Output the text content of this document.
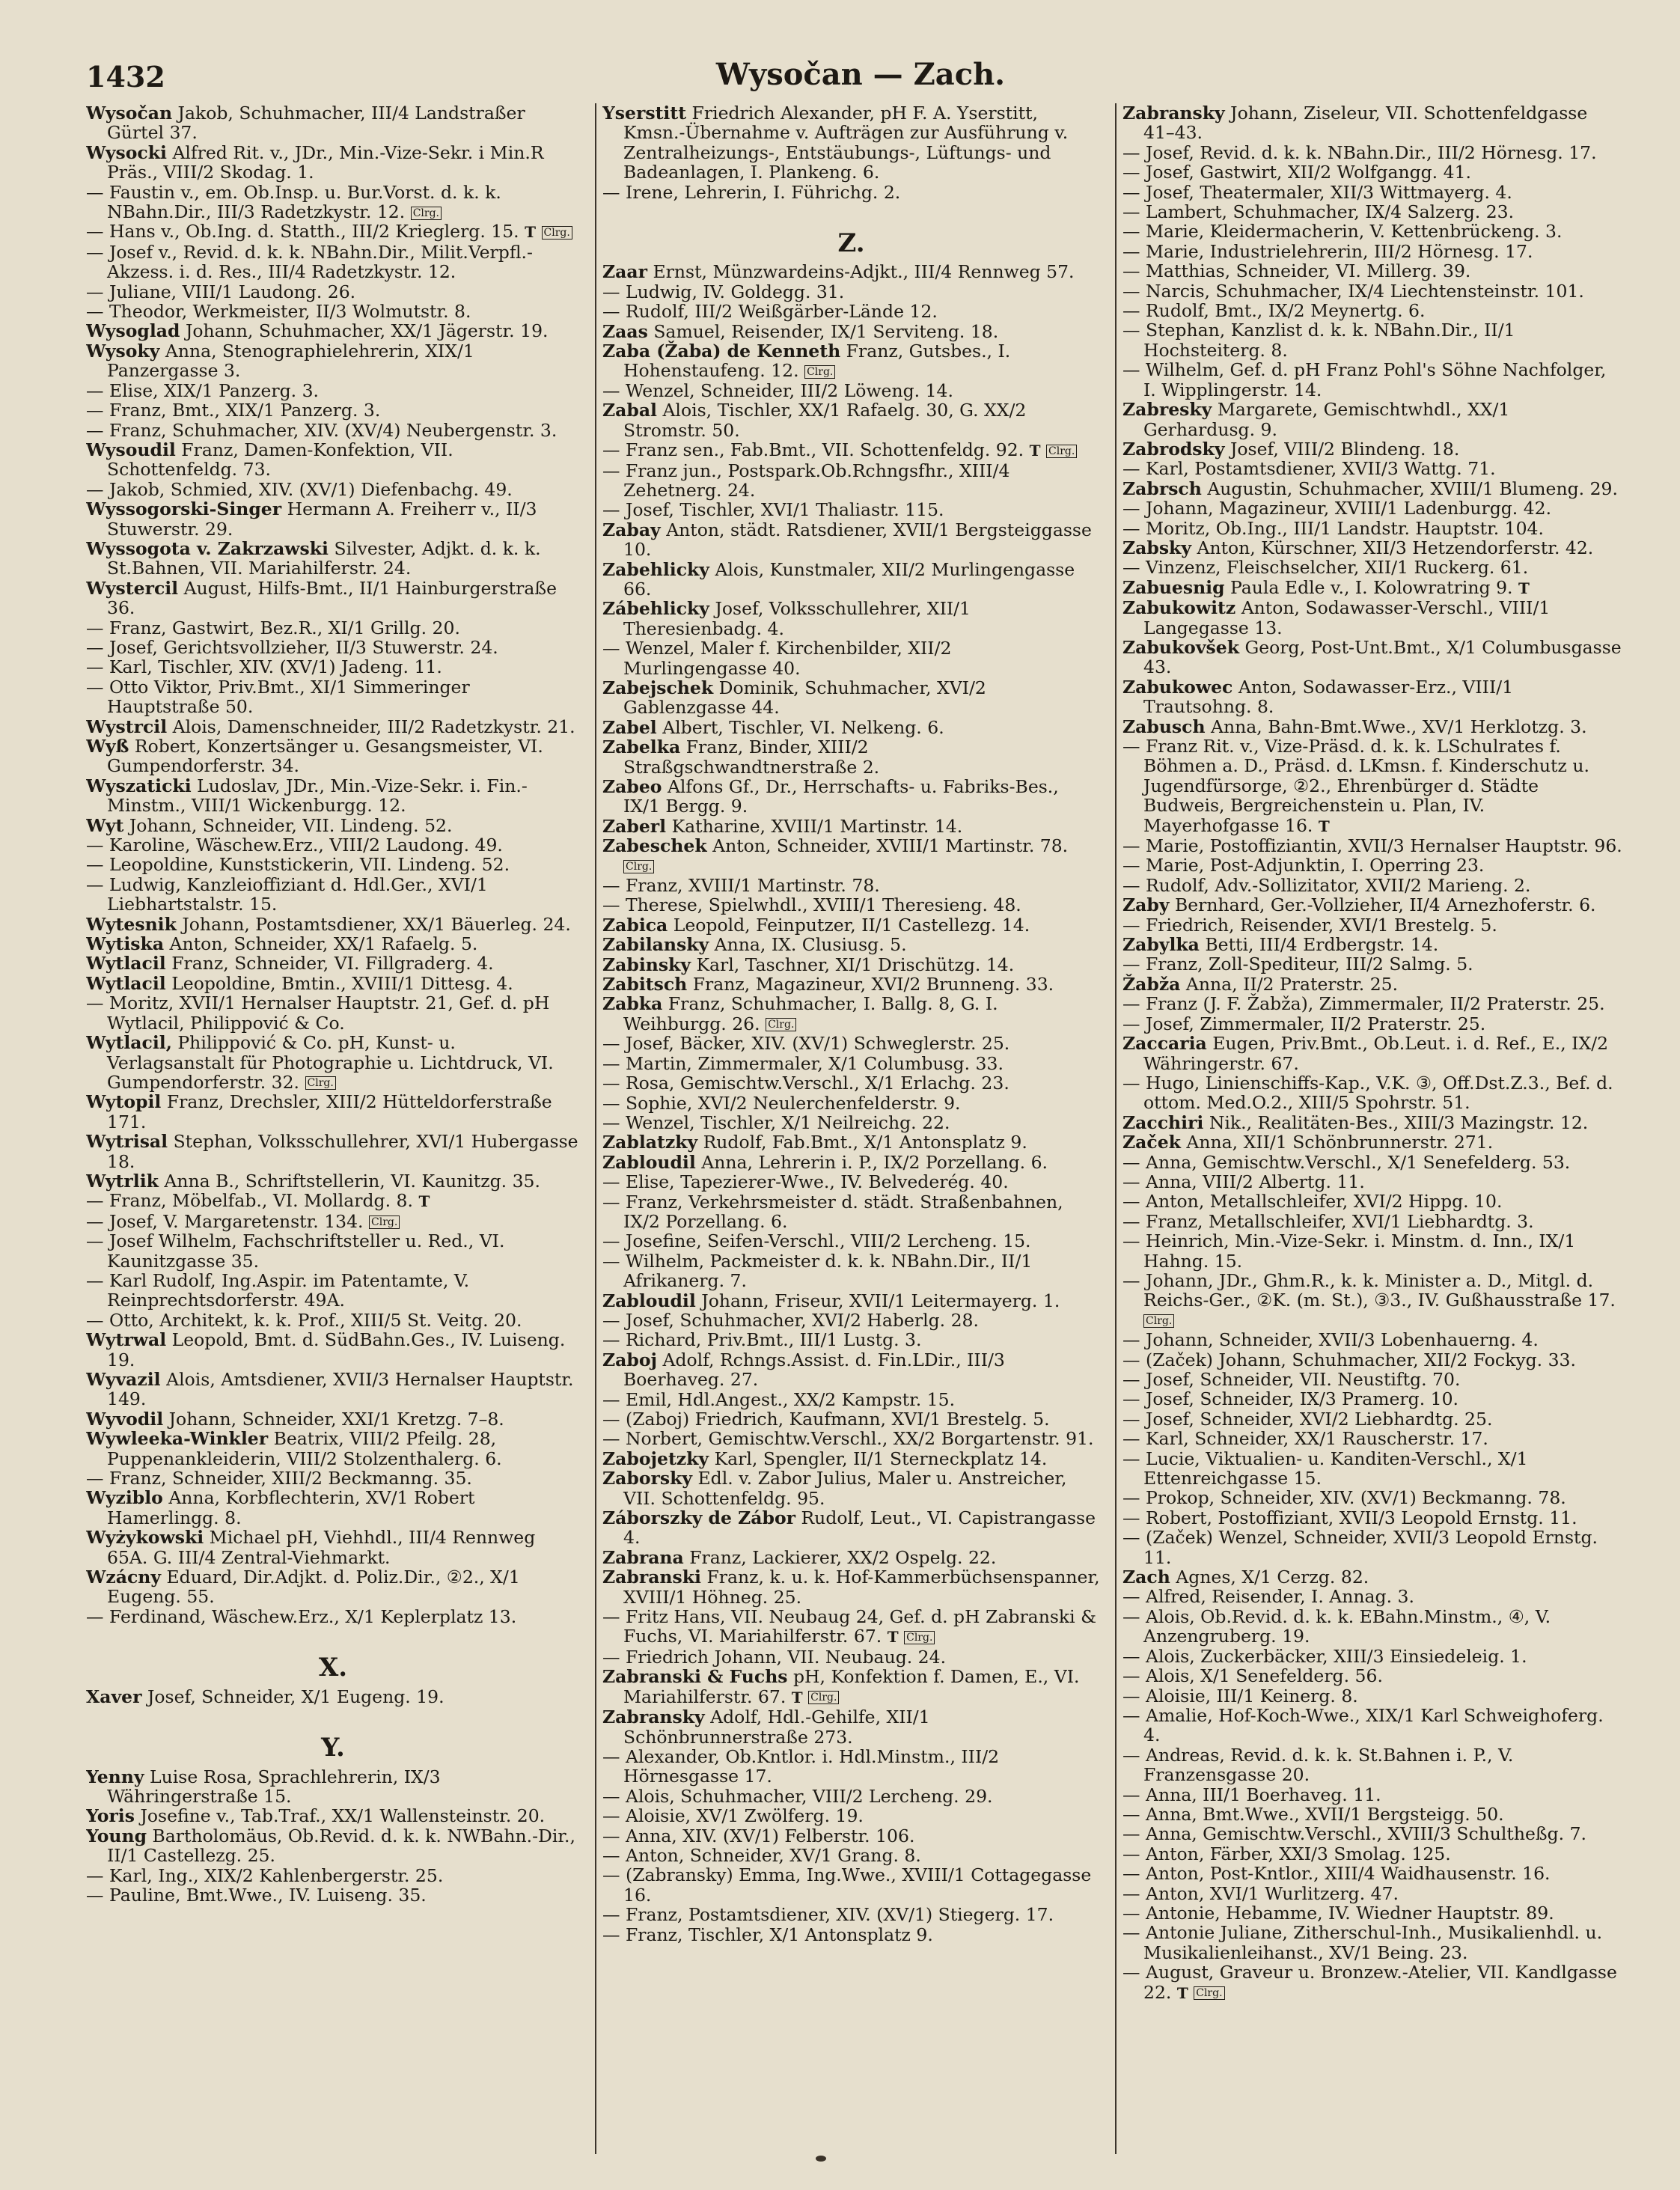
1432	Wysočan — Zach.

Wysočan Jakob, Schuhmacher, III/4 Landstraßer Gürtel 37.

Wysocki Alfred Rit. v., JDr., Min.-Vize-Sekr. i Min.R Präs., VIII/2 Skodag. 1.

— Faustin v., em. Ob.Insp. u. Bur.Vorst. d. k. k. NBahn.Dir., III/3 Radetzkystr. 12. Clrg.

— Hans v., Ob.Ing. d. Statth., III/2 Krieglerg. 15. T Clrg.

— Josef v., Revid. d. k. k. NBahn.Dir., Milit.Verpfl.-Akzess. i. d. Res., III/4 Radetzkystr. 12.

— Juliane, VIII/1 Laudong. 26.

— Theodor, Werkmeister, II/3 Wolmutstr. 8.

Wysoglad Johann, Schuhmacher, XX/1 Jägerstr. 19.

Wysoky Anna, Stenographielehrerin, XIX/1 Panzergasse 3.

— Elise, XIX/1 Panzerg. 3.

— Franz, Bmt., XIX/1 Panzerg. 3.

— Franz, Schuhmacher, XIV. (XV/4) Neubergenstr. 3.

Wysoudil Franz, Damen-Konfektion, VII. Schottenfeldg. 73.

— Jakob, Schmied, XIV. (XV/1) Diefenbachg. 49.

Wyssogorski-Singer Hermann A. Freiherr v., II/3 Stuwerstr. 29.

Wyssogota v. Zakrzawski Silvester, Adjkt. d. k. k. St.Bahnen, VII. Mariahilferstr. 24.

Wystercil August, Hilfs-Bmt., II/1 Hainburgerstraße 36.

— Franz, Gastwirt, Bez.R., XI/1 Grillg. 20.

— Josef, Gerichtsvollzieher, II/3 Stuwerstr. 24.

— Karl, Tischler, XIV. (XV/1) Jadeng. 11.

— Otto Viktor, Priv.Bmt., XI/1 Simmeringer Hauptstraße 50.

Wystrcil Alois, Damenschneider, III/2 Radetzkystr. 21.

Wyß Robert, Konzertsänger u. Gesangsmeister, VI. Gumpendorferstr. 34.

Wyszaticki Ludoslav, JDr., Min.-Vize-Sekr. i. Fin.-Minstm., VIII/1 Wickenburgg. 12.

Wyt Johann, Schneider, VII. Lindeng. 52.

— Karoline, Wäschew.Erz., VIII/2 Laudong. 49.

— Leopoldine, Kunststickerin, VII. Lindeng. 52.

— Ludwig, Kanzleioffiziant d. Hdl.Ger., XVI/1 Liebhartstalstr. 15.

Wytesnik Johann, Postamtsdiener, XX/1 Bäuerleg. 24.

Wytiska Anton, Schneider, XX/1 Rafaelg. 5.

Wytlacil Franz, Schneider, VI. Fillgraderg. 4.

Wytlacil Leopoldine, Bmtin., XVIII/1 Dittesg. 4.

— Moritz, XVII/1 Hernalser Hauptstr. 21, Gef. d. pH Wytlacil, Philippović & Co.

Wytlacil, Philippović & Co. pH, Kunst- u. Verlagsanstalt für Photographie u. Lichtdruck, VI. Gumpendorferstr. 32. Clrg.

Wytopil Franz, Drechsler, XIII/2 Hütteldorferstraße 171.

Wytrisal Stephan, Volksschullehrer, XVI/1 Hubergasse 18.

Wytrlik Anna B., Schriftstellerin, VI. Kaunitzg. 35.

— Franz, Möbelfab., VI. Mollardg. 8. T

— Josef, V. Margaretenstr. 134. Clrg.

— Josef Wilhelm, Fachschriftsteller u. Red., VI. Kaunitzgasse 35.

— Karl Rudolf, Ing.Aspir. im Patentamte, V. Reinprechtsdorferstr. 49A.

— Otto, Architekt, k. k. Prof., XIII/5 St. Veitg. 20.

Wytrwal Leopold, Bmt. d. SüdBahn.Ges., IV. Luiseng. 19.

Wyvazil Alois, Amtsdiener, XVII/3 Hernalser Hauptstr. 149.

Wyvodil Johann, Schneider, XXI/1 Kretzg. 7–8.

Wywleeka-Winkler Beatrix, VIII/2 Pfeilg. 28, Puppenankleiderin, VIII/2 Stolzenthalerg. 6.

— Franz, Schneider, XIII/2 Beckmanng. 35.

Wyziblo Anna, Korbflechterin, XV/1 Robert Hamerlingg. 8.

Wyżykowski Michael pH, Viehhdl., III/4 Rennweg 65A. G. III/4 Zentral-Viehmarkt.

Wzácny Eduard, Dir.Adjkt. d. Poliz.Dir., ②2., X/1 Eugeng. 55.

— Ferdinand, Wäschew.Erz., X/1 Keplerplatz 13.

X.

Xaver Josef, Schneider, X/1 Eugeng. 19.

Y.

Yenny Luise Rosa, Sprachlehrerin, IX/3 Währingerstraße 15.

Yoris Josefine v., Tab.Traf., XX/1 Wallensteinstr. 20.

Young Bartholomäus, Ob.Revid. d. k. k. NWBahn.-Dir., II/1 Castellezg. 25.

— Karl, Ing., XIX/2 Kahlenbergerstr. 25.

— Pauline, Bmt.Wwe., IV. Luiseng. 35.

Yserstitt Friedrich Alexander, pH F. A. Yserstitt, Kmsn.-Übernahme v. Aufträgen zur Ausführung v. Zentralheizungs-, Entstäubungs-, Lüftungs- und Badeanlagen, I. Plankeng. 6.

— Irene, Lehrerin, I. Führichg. 2.

Z.

Zaar Ernst, Münzwardeins-Adjkt., III/4 Rennweg 57.

— Ludwig, IV. Goldegg. 31.

— Rudolf, III/2 Weißgärber-Lände 12.

Zaas Samuel, Reisender, IX/1 Serviteng. 18.

Zaba (Žaba) de Kenneth Franz, Gutsbes., I. Hohenstaufeng. 12. Clrg.

— Wenzel, Schneider, III/2 Löweng. 14.

Zabal Alois, Tischler, XX/1 Rafaelg. 30, G. XX/2 Stromstr. 50.

— Franz sen., Fab.Bmt., VII. Schottenfeldg. 92. T Clrg.

— Franz jun., Postspark.Ob.Rchngsfhr., XIII/4 Zehetnerg. 24.

— Josef, Tischler, XVI/1 Thaliastr. 115.

Zabay Anton, städt. Ratsdiener, XVII/1 Bergsteiggasse 10.

Zabehlicky Alois, Kunstmaler, XII/2 Murlingengasse 66.

Zábehlicky Josef, Volksschullehrer, XII/1 Theresienbadg. 4.

— Wenzel, Maler f. Kirchenbilder, XII/2 Murlingengasse 40.

Zabejschek Dominik, Schuhmacher, XVI/2 Gablenzgasse 44.

Zabel Albert, Tischler, VI. Nelkeng. 6.

Zabelka Franz, Binder, XIII/2 Straßgschwandtnerstraße 2.

Zabeo Alfons Gf., Dr., Herrschafts- u. Fabriks-Bes., IX/1 Bergg. 9.

Zaberl Katharine, XVIII/1 Martinstr. 14.

Zabeschek Anton, Schneider, XVIII/1 Martinstr. 78. Clrg.

— Franz, XVIII/1 Martinstr. 78.

— Therese, Spielwhdl., XVIII/1 Theresieng. 48.

Zabica Leopold, Feinputzer, II/1 Castellezg. 14.

Zabilansky Anna, IX. Clusiusg. 5.

Zabinsky Karl, Taschner, XI/1 Drischützg. 14.

Zabitsch Franz, Magazineur, XVI/2 Brunneng. 33.

Zabka Franz, Schuhmacher, I. Ballg. 8, G. I. Weihburgg. 26. Clrg.

— Josef, Bäcker, XIV. (XV/1) Schweglerstr. 25.

— Martin, Zimmermaler, X/1 Columbusg. 33.

— Rosa, Gemischtw.Verschl., X/1 Erlachg. 23.

— Sophie, XVI/2 Neulerchenfelderstr. 9.

— Wenzel, Tischler, X/1 Neilreichg. 22.

Zablatzky Rudolf, Fab.Bmt., X/1 Antonsplatz 9.

Zabloudil Anna, Lehrerin i. P., IX/2 Porzellang. 6.

— Elise, Tapezierer-Wwe., IV. Belvederég. 40.

— Franz, Verkehrsmeister d. städt. Straßenbahnen, IX/2 Porzellang. 6.

— Josefine, Seifen-Verschl., VIII/2 Lercheng. 15.

— Wilhelm, Packmeister d. k. k. NBahn.Dir., II/1 Afrikanerg. 7.

Zabloudil Johann, Friseur, XVII/1 Leitermayerg. 1.

— Josef, Schuhmacher, XVI/2 Haberlg. 28.

— Richard, Priv.Bmt., III/1 Lustg. 3.

Zaboj Adolf, Rchngs.Assist. d. Fin.LDir., III/3 Boerhaveg. 27.

— Emil, Hdl.Angest., XX/2 Kampstr. 15.

— (Zaboj) Friedrich, Kaufmann, XVI/1 Brestelg. 5.

— Norbert, Gemischtw.Verschl., XX/2 Borgartenstr. 91.

Zabojetzky Karl, Spengler, II/1 Sterneckplatz 14.

Zaborsky Edl. v. Zabor Julius, Maler u. Anstreicher, VII. Schottenfeldg. 95.

Záborszky de Zábor Rudolf, Leut., VI. Capistrangasse 4.

Zabrana Franz, Lackierer, XX/2 Ospelg. 22.

Zabranski Franz, k. u. k. Hof-Kammerbüchsenspanner, XVIII/1 Höhneg. 25.

— Fritz Hans, VII. Neubaug 24, Gef. d. pH Zabranski & Fuchs, VI. Mariahilferstr. 67. T Clrg.

— Friedrich Johann, VII. Neubaug. 24.

Zabranski & Fuchs pH, Konfektion f. Damen, E., VI. Mariahilferstr. 67. T Clrg.

Zabransky Adolf, Hdl.-Gehilfe, XII/1 Schönbrunnerstraße 273.

— Alexander, Ob.Kntlor. i. Hdl.Minstm., III/2 Hörnesgasse 17.

— Alois, Schuhmacher, VIII/2 Lercheng. 29.

— Aloisie, XV/1 Zwölferg. 19.

— Anna, XIV. (XV/1) Felberstr. 106.

— Anton, Schneider, XV/1 Grang. 8.

— (Zabransky) Emma, Ing.Wwe., XVIII/1 Cottagegasse 16.

— Franz, Postamtsdiener, XIV. (XV/1) Stiegerg. 17.

— Franz, Tischler, X/1 Antonsplatz 9.

Zabransky Johann, Ziseleur, VII. Schottenfeldgasse 41–43.

— Josef, Revid. d. k. k. NBahn.Dir., III/2 Hörnesg. 17.

— Josef, Gastwirt, XII/2 Wolfgangg. 41.

— Josef, Theatermaler, XII/3 Wittmayerg. 4.

— Lambert, Schuhmacher, IX/4 Salzerg. 23.

— Marie, Kleidermacherin, V. Kettenbrückeng. 3.

— Marie, Industrielehrerin, III/2 Hörnesg. 17.

— Matthias, Schneider, VI. Millerg. 39.

— Narcis, Schuhmacher, IX/4 Liechtensteinstr. 101.

— Rudolf, Bmt., IX/2 Meynertg. 6.

— Stephan, Kanzlist d. k. k. NBahn.Dir., II/1 Hochsteiterg. 8.

— Wilhelm, Gef. d. pH Franz Pohl's Söhne Nachfolger, I. Wipplingerstr. 14.

Zabresky Margarete, Gemischtwhdl., XX/1 Gerhardusg. 9.

Zabrodsky Josef, VIII/2 Blindeng. 18.

— Karl, Postamtsdiener, XVII/3 Wattg. 71.

Zabrsch Augustin, Schuhmacher, XVIII/1 Blumeng. 29.

— Johann, Magazineur, XVIII/1 Ladenburgg. 42.

— Moritz, Ob.Ing., III/1 Landstr. Hauptstr. 104.

Zabsky Anton, Kürschner, XII/3 Hetzendorferstr. 42.

— Vinzenz, Fleischselcher, XII/1 Ruckerg. 61.

Zabuesnig Paula Edle v., I. Kolowratring 9. T

Zabukowitz Anton, Sodawasser-Verschl., VIII/1 Langegasse 13.

Zabukovšek Georg, Post-Unt.Bmt., X/1 Columbusgasse 43.

Zabukowec Anton, Sodawasser-Erz., VIII/1 Trautsohng. 8.

Zabusch Anna, Bahn-Bmt.Wwe., XV/1 Herklotzg. 3.

— Franz Rit. v., Vize-Präsd. d. k. k. LSchulrates f. Böhmen a. D., Präsd. d. LKmsn. f. Kinderschutz u. Jugendfürsorge, ②2., Ehrenbürger d. Städte Budweis, Bergreichenstein u. Plan, IV. Mayerhofgasse 16. T

— Marie, Postoffiziantin, XVII/3 Hernalser Hauptstr. 96.

— Marie, Post-Adjunktin, I. Operring 23.

— Rudolf, Adv.-Sollizitator, XVII/2 Marieng. 2.

Zaby Bernhard, Ger.-Vollzieher, II/4 Arnezhoferstr. 6.

— Friedrich, Reisender, XVI/1 Brestelg. 5.

Zabylka Betti, III/4 Erdbergstr. 14.

— Franz, Zoll-Spediteur, III/2 Salmg. 5.

Žabža Anna, II/2 Praterstr. 25.

— Franz (J. F. Žabža), Zimmermaler, II/2 Praterstr. 25.

— Josef, Zimmermaler, II/2 Praterstr. 25.

Zaccaria Eugen, Priv.Bmt., Ob.Leut. i. d. Ref., E., IX/2 Währingerstr. 67.

— Hugo, Linienschiffs-Kap., V.K. ③, Off.Dst.Z.3., Bef. d. ottom. Med.O.2., XIII/5 Spohrstr. 51.

Zacchiri Nik., Realitäten-Bes., XIII/3 Mazingstr. 12.

Začek Anna, XII/1 Schönbrunnerstr. 271.

— Anna, Gemischtw.Verschl., X/1 Senefelderg. 53.

— Anna, VIII/2 Albertg. 11.

— Anton, Metallschleifer, XVI/2 Hippg. 10.

— Franz, Metallschleifer, XVI/1 Liebhardtg. 3.

— Heinrich, Min.-Vize-Sekr. i. Minstm. d. Inn., IX/1 Hahng. 15.

— Johann, JDr., Ghm.R., k. k. Minister a. D., Mitgl. d. Reichs-Ger., ②K. (m. St.), ③3., IV. Gußhausstraße 17. Clrg.

— Johann, Schneider, XVII/3 Lobenhauerng. 4.

— (Začek) Johann, Schuhmacher, XII/2 Fockyg. 33.

— Josef, Schneider, VII. Neustiftg. 70.

— Josef, Schneider, IX/3 Pramerg. 10.

— Josef, Schneider, XVI/2 Liebhardtg. 25.

— Karl, Schneider, XX/1 Rauscherstr. 17.

— Lucie, Viktualien- u. Kanditen-Verschl., X/1 Ettenreichgasse 15.

— Prokop, Schneider, XIV. (XV/1) Beckmanng. 78.

— Robert, Postoffiziant, XVII/3 Leopold Ernstg. 11.

— (Začek) Wenzel, Schneider, XVII/3 Leopold Ernstg. 11.

Zach Agnes, X/1 Cerzg. 82.

— Alfred, Reisender, I. Annag. 3.

— Alois, Ob.Revid. d. k. k. EBahn.Minstm., ④, V. Anzengruberg. 19.

— Alois, Zuckerbäcker, XIII/3 Einsiedeleig. 1.

— Alois, X/1 Senefelderg. 56.

— Aloisie, III/1 Keinerg. 8.

— Amalie, Hof-Koch-Wwe., XIX/1 Karl Schweighoferg. 4.

— Andreas, Revid. d. k. k. St.Bahnen i. P., V. Franzensgasse 20.

— Anna, III/1 Boerhaveg. 11.

— Anna, Bmt.Wwe., XVII/1 Bergsteigg. 50.

— Anna, Gemischtw.Verschl., XVIII/3 Schultheßg. 7.

— Anton, Färber, XXI/3 Smolag. 125.

— Anton, Post-Kntlor., XIII/4 Waidhausenstr. 16.

— Anton, XVI/1 Wurlitzerg. 47.

— Antonie, Hebamme, IV. Wiedner Hauptstr. 89.

— Antonie Juliane, Zitherschul-Inh., Musikalienhdl. u. Musikalienleihanst., XV/1 Being. 23.

— August, Graveur u. Bronzew.-Atelier, VII. Kandlgasse 22. T Clrg.
